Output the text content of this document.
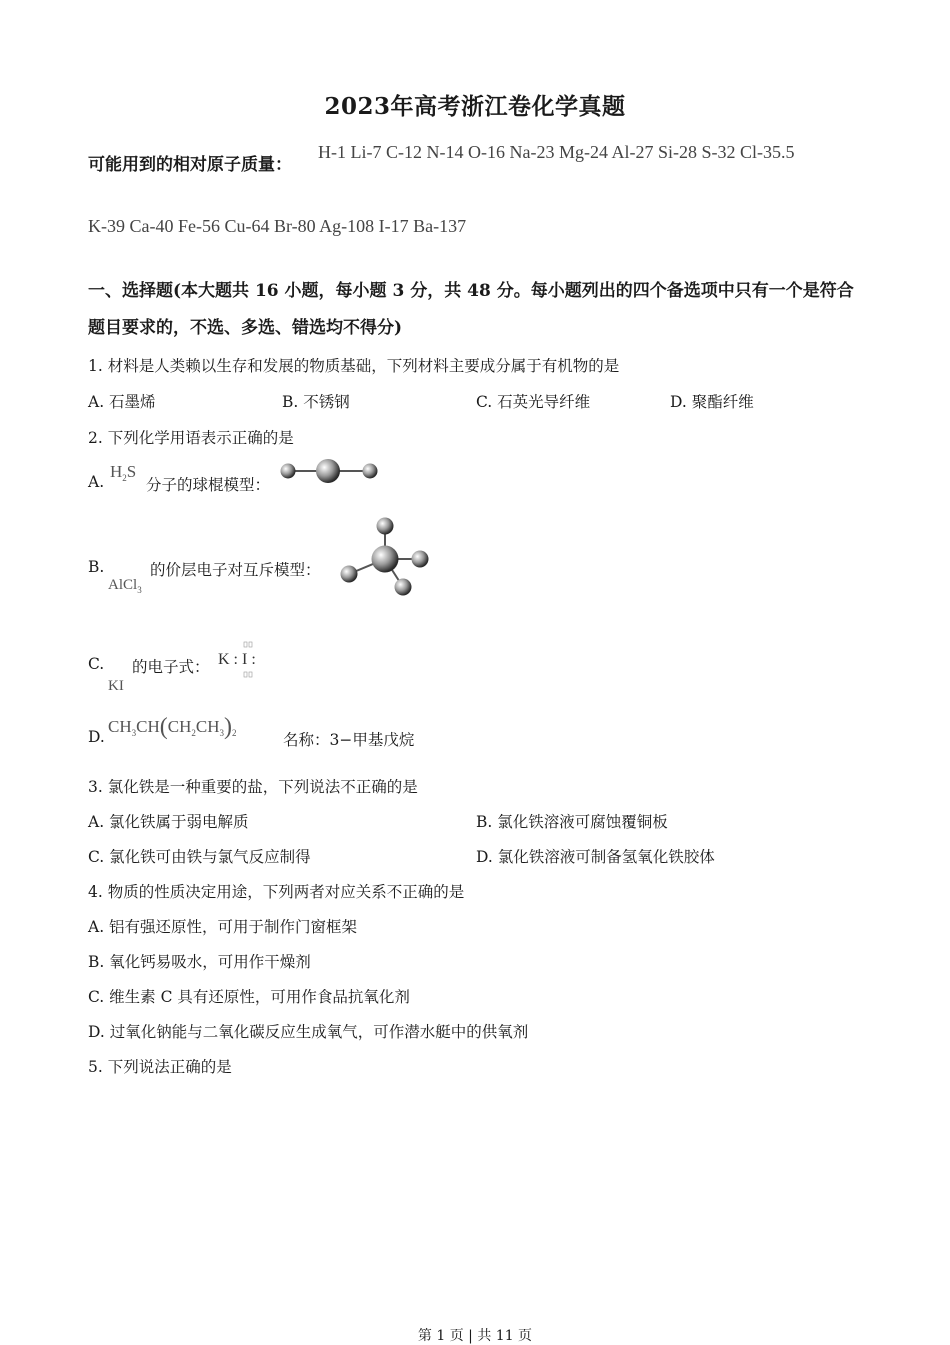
2023年高考浙江卷化学真题
可能用到的相对原子质量：
H-1 Li-7 C-12 N-14 O-16 Na-23 Mg-24 Al-27 Si-28 S-32 Cl-35.5
K-39 Ca-40 Fe-56 Cu-64 Br-80 Ag-108 I-17 Ba-137
一、选择题(本大题共 16 小题，每小题 3 分，共 48 分。每小题列出的四个备选项中只有一个是符合题目要求的，不选、多选、错选均不得分)
1. 材料是人类赖以生存和发展的物质基础，下列材料主要成分属于有机物的是
A. 石墨烯	B. 不锈钢	C. 石英光导纤维	D. 聚酯纤维
2. 下列化学用语表示正确的是
A.
$H_2S$
分子的球棍模型：
B.
AlCl$_3$
的价层电子对互斥模型：
C.
KI
的电子式： K : I :
D.
$CH_3CH(CH_2CH_3)_2$	名称：3−甲基戊烷
3. 氯化铁是一种重要的盐，下列说法不正确的是
A. 氯化铁属于弱电解质	B. 氯化铁溶液可腐蚀覆铜板
C. 氯化铁可由铁与氯气反应制得	D. 氯化铁溶液可制备氢氧化铁胶体
4. 物质的性质决定用途，下列两者对应关系不正确的是
A. 铝有强还原性，可用于制作门窗框架
B. 氧化钙易吸水，可用作干燥剂
C. 维生素 C 具有还原性，可用作食品抗氧化剂
D. 过氧化钠能与二氧化碳反应生成氧气，可作潜水艇中的供氧剂
5. 下列说法正确的是
第 1 页 | 共 11 页
